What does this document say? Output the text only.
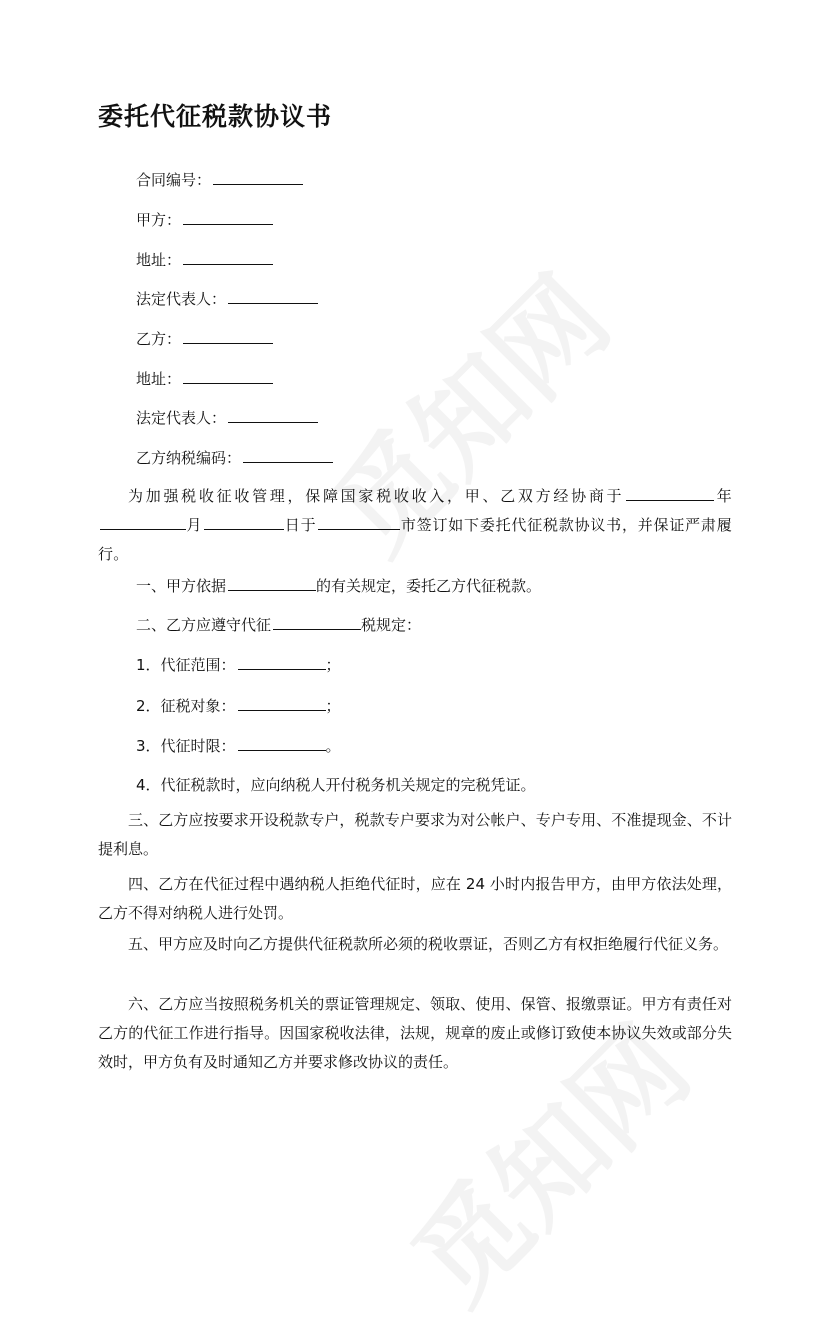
委托代征税款协议书
合同编号：
甲方：
地址：
法定代表人：
乙方：
地址：
法定代表人：
乙方纳税编码：
为加强税收征收管理，保障国家税收收入，甲、乙双方经协商于	年月	日于	市签订如下委托代征税款协议书，并保证严肃履行。
一、甲方依据	的有关规定，委托乙方代征税款。
二、乙方应遵守代征	税规定：
1．代征范围：	；
2．征税对象：	；
3．代征时限：	。
4．代征税款时，应向纳税人开付税务机关规定的完税凭证。
三、乙方应按要求开设税款专户，税款专户要求为对公帐户、专户专用、不准提现金、不计提利息。
四、乙方在代征过程中遇纳税人拒绝代征时，应在 24 小时内报告甲方，由甲方依法处理，乙方不得对纳税人进行处罚。
五、甲方应及时向乙方提供代征税款所必须的税收票证，否则乙方有权拒绝履行代征义务。
六、乙方应当按照税务机关的票证管理规定、领取、使用、保管、报缴票证。甲方有责任对乙方的代征工作进行指导。因国家税收法律，法规，规章的废止或修订致使本协议失效或部分失效时，甲方负有及时通知乙方并要求修改协议的责任。
